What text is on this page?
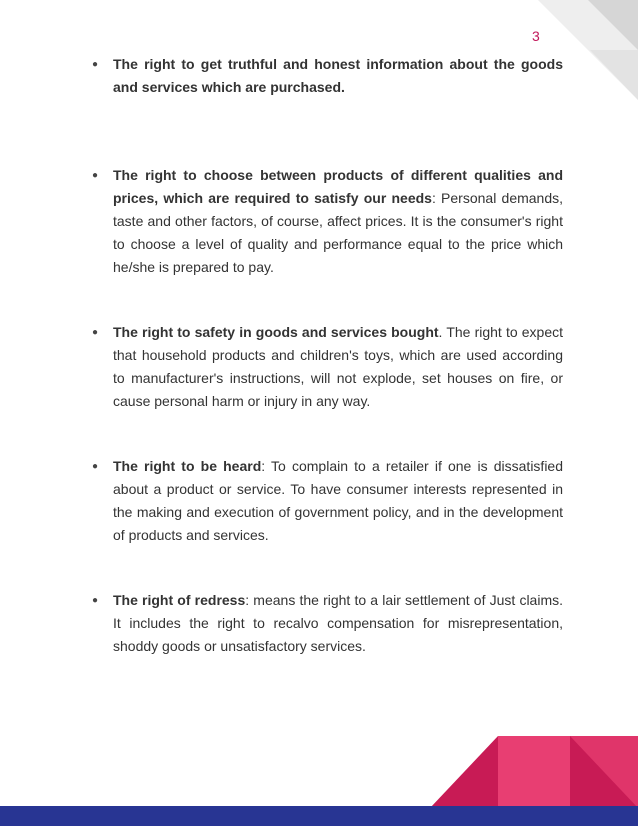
3
● The right to get truthful and honest information about the goods and services which are purchased.
● The right to choose between products of different qualities and prices, which are required to satisfy our needs: Personal demands, taste and other factors, of course, affect prices. It is the consumer's right to choose a level of quality and performance equal to the price which he/she is prepared to pay.
● The right to safety in goods and services bought. The right to expect that household products and children's toys, which are used according to manufacturer's instructions, will not explode, set houses on fire, or cause personal harm or injury in any way.
● The right to be heard: To complain to a retailer if one is dissatisfied about a product or service. To have consumer interests represented in the making and execution of government policy, and in the development of products and services.
● The right of redress: means the right to a lair settlement of Just claims. It includes the right to recalvo compensation for misrepresentation, shoddy goods or unsatisfactory services.
